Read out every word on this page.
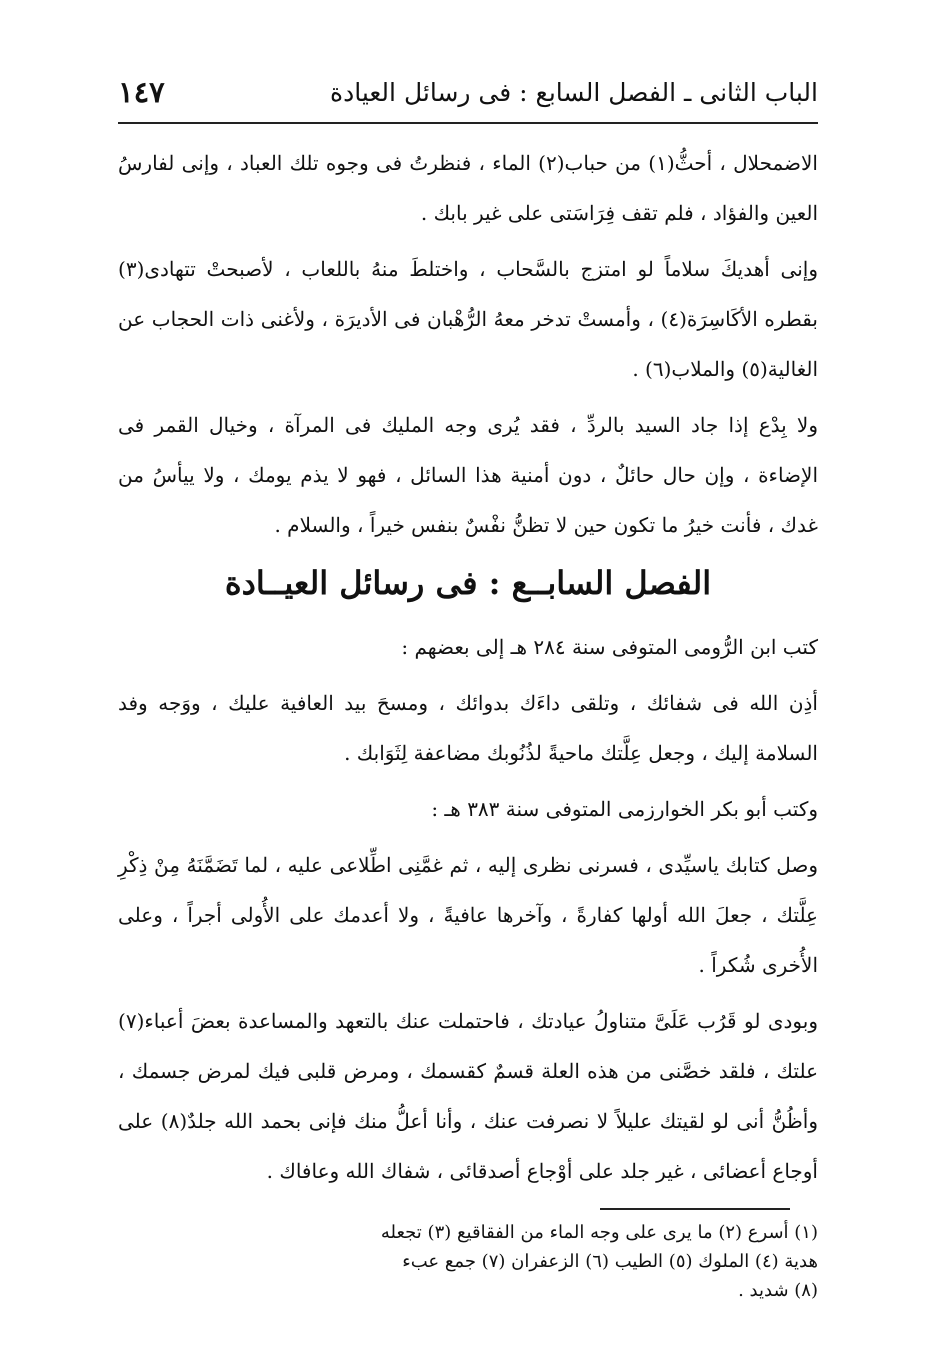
الباب الثانى ـ الفصل السابع : فى رسائل العيادة
١٤٧

الاضمحلال ، أحثُّ(١) من حباب(٢) الماء ، فنظرتُ فى وجوه تلك العباد ، وإنى لفارسُ العين والفؤاد ، فلم تقف فِرَاسَتى على غير بابك .

وإنى أهديكَ سلاماً لو امتزج بالسَّحاب ، واختلطَ منهُ باللعاب ، لأصبحتْ تتهادى(٣) بقطره الأكَاسِرَة(٤) ، وأمستْ تدخر معهُ الرُّهْبان فى الأديرَة ، ولأغنى ذات الحجاب عن الغالية(٥) والملاب(٦) .

ولا بِدْع إذا جاد السيد بالردِّ ، فقد يُرى وجه المليك فى المرآة ، وخيال القمر فى الإضاءة ، وإن حال حائلٌ ، دون أمنية هذا السائل ، فهو لا يذم يومك ، ولا ييأسُ من غدك ، فأنت خيرُ ما تكون حين لا تظنُّ نفْسٌ بنفس خيراً ، والسلام .

الفصل السابــع : فى رسائل العيــادة

كتب ابن الرُّومى المتوفى سنة ٢٨٤ هـ إلى بعضهم :

أذِن الله فى شفائك ، وتلقى داءَك بدوائك ، ومسحَ بيد العافية عليك ، ووَجه وفد السلامة إليك ، وجعل عِلَّتك ماحيةً لذُنُوبك مضاعفة لِثَوَابك .

وكتب أبو بكر الخوارزمى المتوفى سنة ٣٨٣ هـ :

وصل كتابك ياسيِّدى ، فسرنى نظرى إليه ، ثم غمَّنِى اطِّلاعى عليه ، لما تَضَمَّنَهُ مِنْ ذِكْرِ عِلَّتك ، جعلَ الله أولها كفارةً ، وآخرها عافيةً ، ولا أعدمك على الأُولى أجراً ، وعلى الأُخرى شُكراً .

وبودى لو قَرُب عَلَىَّ متناولُ عيادتك ، فاحتملت عنك بالتعهد والمساعدة بعضَ أعباء(٧) علتك ، فلقد خصَّنى من هذه العلة قسمٌ كقسمك ، ومرض قلبى فيك لمرض جسمك ، وأظُنُّ أنى لو لقيتك عليلاً لا نصرفت عنك ، وأنا أعلُّ منك فإنى بحمد الله جلدٌ(٨) على أوجاع أعضائى ، غير جلد على أوْجاع أصدقائى ، شفاك الله وعافاك .

(١) أسرع (٢) ما يرى على وجه الماء من الفقاقيع (٣) تجعله
هدية (٤) الملوك (٥) الطيب (٦) الزعفران (٧) جمع عبء
(٨) شديد .
